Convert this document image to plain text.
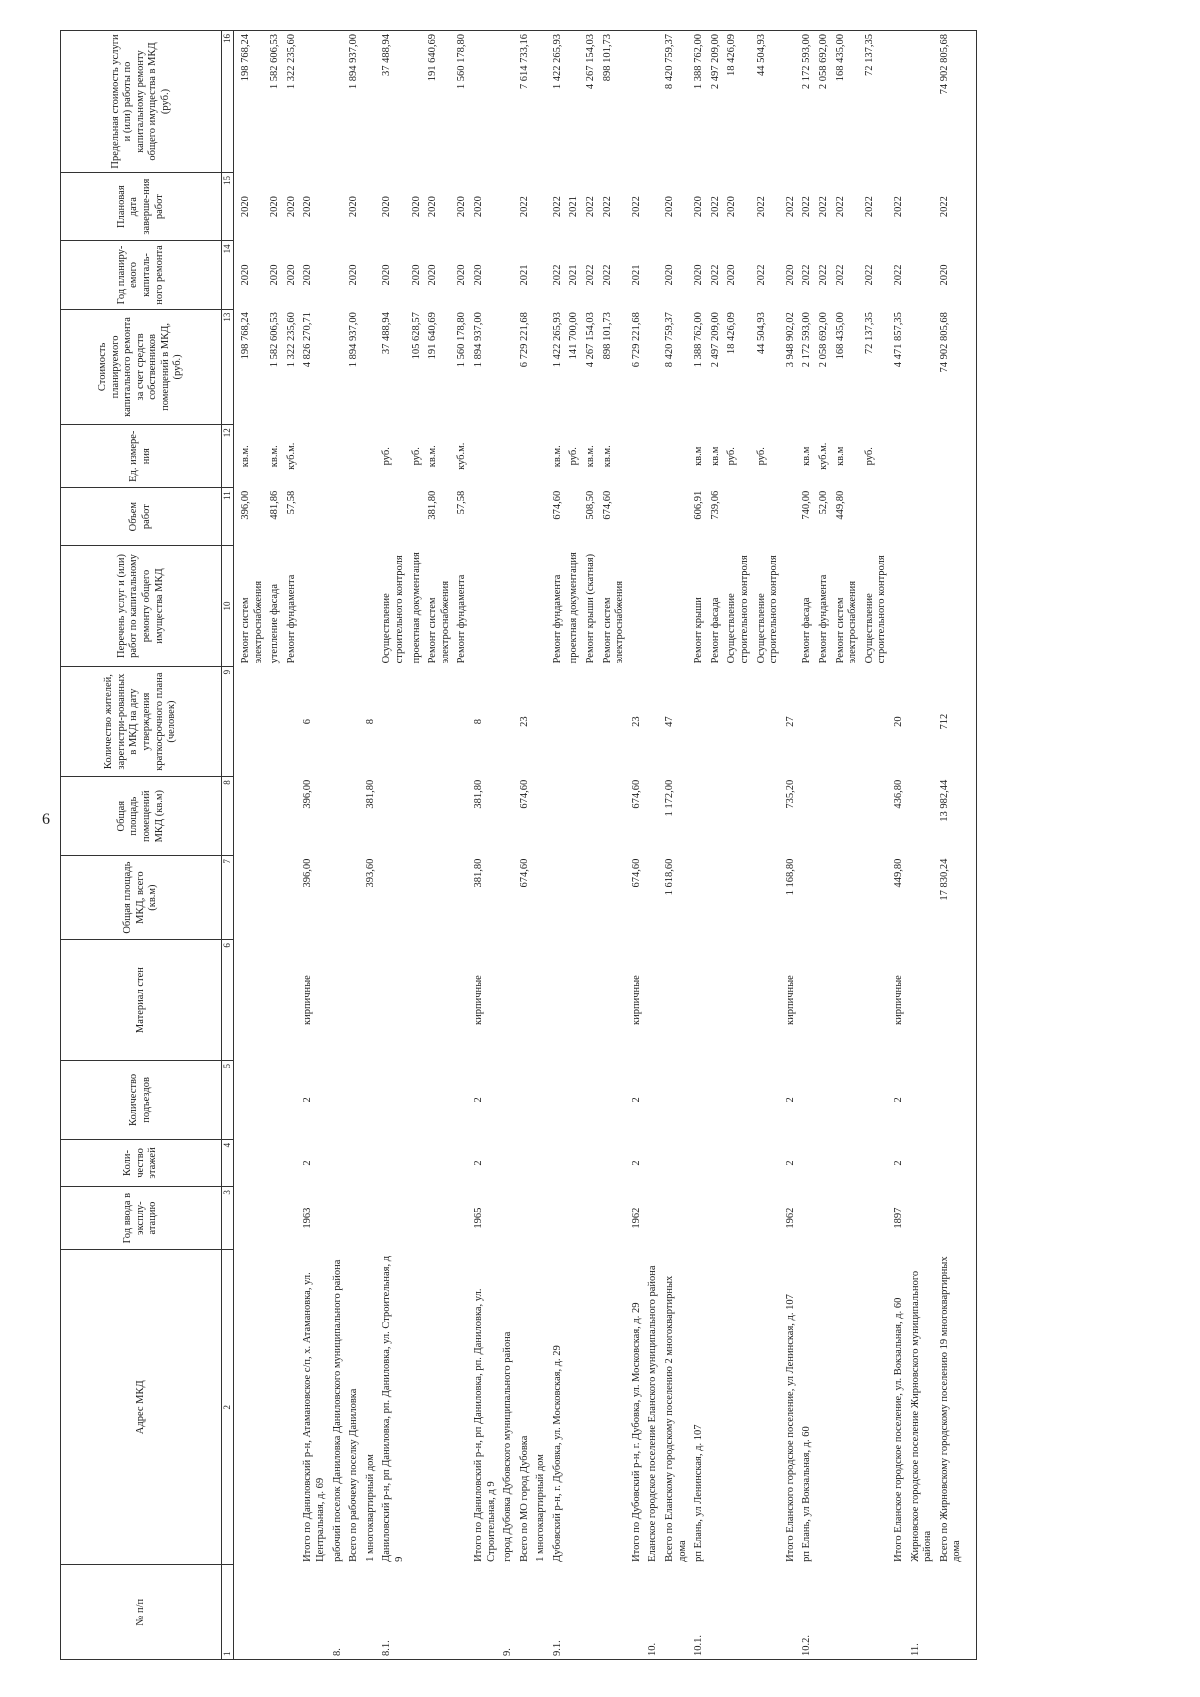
6
№ п/п	Адрес МКД	Год ввода в эксплу-атацию	Коли-чество этажей	Количество подъездов	Материал стен	Общая площадь МКД, всего (кв.м)	Общая площадь помещений МКД (кв.м)	Количество жителей, зарегистри-рованных в МКД на дату утверждения краткосрочного плана (человек)	Перечень услуг и (или) работ по капитальному ремонту общего имущества МКД	Объем работ	Ед. измере-ния	Стоимость планируемого капитального ремонта за счет средств собственников помещений в МКД, (руб.)	Год планиру-емого капиталь-ного ремонта	Плановая дата заверше-ния работ	Предельная стоимость услуги и (или) работы по капитальному ремонту общего имущества в МКД (руб.)
1	2	3	4	5	6	7	8	9	10	11	12	13	14	15	16

									Ремонт систем электроснабжения	396,00	кв.м.	198 768,24	2020	2020	198 768,24
									утепление фасада	481,86	кв.м.	1 582 606,53	2020	2020	1 582 606,53
									Ремонт фундамента	57,58	куб.м.	1 322 235,60	2020	2020	1 322 235,60
	Итого по Даниловский р-н, Атамановское с/п, х. Атамановка, ул. Центральная, д. 69	1963	2	2	кирпичные	396,00	396,00	6				4 826 270,71	2020	2020	
8.	рабочий поселок Даниловка Даниловского муниципального района														
	Всего по рабочему поселку Даниловка											1 894 937,00	2020	2020	1 894 937,00
	1 многоквартирный дом					393,60	381,80	8							
8.1.	Даниловский р-н, рп Даниловка, рп. Даниловка, ул. Строительная, д 9								Осуществление строительного контроля		руб.	37 488,94	2020	2020	37 488,94
									проектная документация		руб.	105 628,57	2020	2020	
									Ремонт систем электроснабжения	381,80	кв.м.	191 640,69	2020	2020	191 640,69
									Ремонт фундамента	57,58	куб.м.	1 560 178,80	2020	2020	1 560 178,80
	Итого по Даниловский р-н, рп Даниловка, рп. Даниловка, ул. Строительная, д 9	1965	2	2	кирпичные	381,80	381,80	8				1 894 937,00	2020	2020	
9.	город Дубовка Дубовского муниципального района														
	Всего по МО город Дубовка					674,60	674,60	23				6 729 221,68	2021	2022	7 614 733,16
	1 многоквартирный дом														
9.1.	Дубовский р-н, г. Дубовка, ул. Московская, д. 29								Ремонт фундамента	674,60	кв.м.	1 422 265,93	2022	2022	1 422 265,93
									проектная документация		руб.	141 700,00	2021	2021	
									Ремонт крыши (скатная)	508,50	кв.м.	4 267 154,03	2022	2022	4 267 154,03
									Ремонт систем электроснабжения	674,60	кв.м.	898 101,73	2022	2022	898 101,73
	Итого по Дубовский р-н, г. Дубовка, ул. Московская, д. 29	1962	2	2	кирпичные	674,60	674,60	23				6 729 221,68	2021	2022	
10.	Еланское городское поселение Еланского муниципального района														
	Всего по Еланскому городскому поселению 2 многоквартирных дома					1 618,60	1 172,00	47				8 420 759,37	2020	2020	8 420 759,37
10.1.	рп Елань, ул Ленинская, д. 107								Ремонт крыши	606,91	кв.м	1 388 762,00	2020	2020	1 388 762,00
									Ремонт фасада	739,06	кв.м	2 497 209,00	2022	2022	2 497 209,00
									Осуществление строительного контроля		руб.	18 426,09	2020	2020	18 426,09
									Осуществление строительного контроля		руб.	44 504,93	2022	2022	44 504,93
	Итого Еланского городское поселение, ул Ленинская, д. 107	1962	2	2	кирпичные	1 168,80	735,20	27				3 948 902,02	2020	2022	
10.2.	рп Елань, ул Вокзальная, д. 60								Ремонт фасада	740,00	кв.м	2 172 593,00	2022	2022	2 172 593,00
									Ремонт фундамента	52,00	куб.м.	2 058 692,00	2022	2022	2 058 692,00
									Ремонт систем электроснабжения	449,80	кв.м	168 435,00	2022	2022	168 435,00
									Осуществление строительного контроля		руб.	72 137,35	2022	2022	72 137,35
	Итого Еланское городское поселение, ул. Вокзальная, д. 60	1897	2	2	кирпичные	449,80	436,80	20				4 471 857,35	2022	2022	
11.	Жирновское городское поселение Жирновского муниципального района														
	Всего по Жирновскому городскому поселению 19 многоквартирных дома					17 830,24	13 982,44	712				74 902 805,68	2020	2022	74 902 805,68
